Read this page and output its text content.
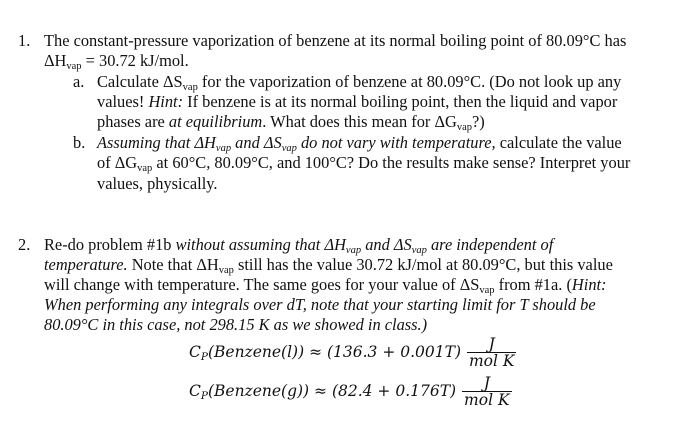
1. The constant-pressure vaporization of benzene at its normal boiling point of 80.09°C has
$\Delta H_{vap} = 30.72$ kJ/mol.
a. Calculate $\Delta S_{vap}$ for the vaporization of benzene at 80.09°C. (Do not look up any
values! Hint: If benzene is at its normal boiling point, then the liquid and vapor
phases are at equilibrium. What does this mean for $\Delta G_{vap}$?)
b. Assuming that $\Delta H_{vap}$ and $\Delta S_{vap}$ do not vary with temperature, calculate the value
of $\Delta G_{vap}$ at 60°C, 80.09°C, and 100°C? Do the results make sense? Interpret your
values, physically.
2. Re-do problem #1b without assuming that $\Delta H_{vap}$ and $\Delta S_{vap}$ are independent of
temperature. Note that $\Delta H_{vap}$ still has the value 30.72 kJ/mol at 80.09°C, but this value
will change with temperature. The same goes for your value of $\Delta S_{vap}$ from #1a. (Hint:
When performing any integrals over dT, note that your starting limit for T should be
80.09°C in this case, not 298.15 K as we showed in class.)
$C_P(Benzene(l)) \approx (136.3 + 0.001T) \frac{J}{\text{mol K}}$
$C_P(Benzene(g)) \approx (82.4 + 0.176T) \frac{J}{\text{mol K}}$
